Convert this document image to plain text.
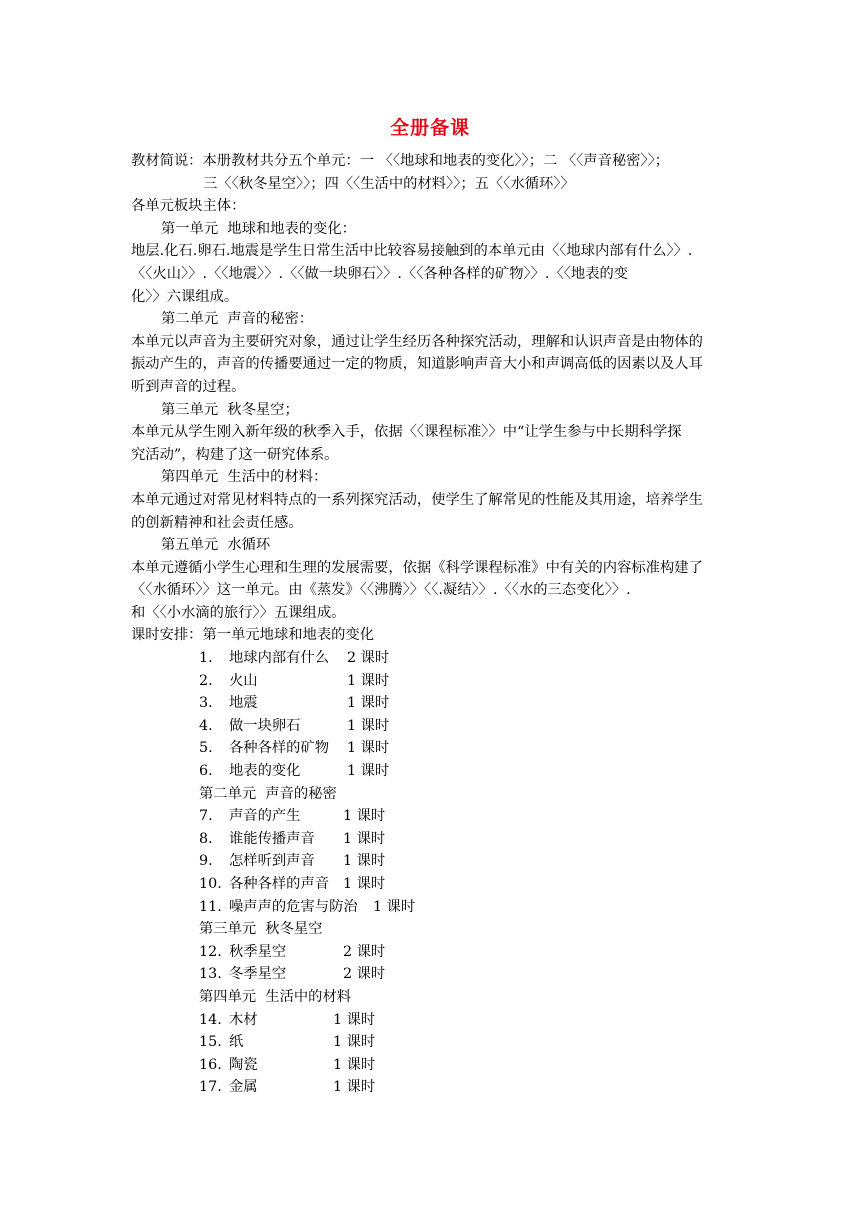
全册备课
教材简说：本册教材共分五个单元：一 〈〈地球和地表的变化〉〉；二 〈〈声音秘密〉〉；
三〈〈秋冬星空〉〉；四〈〈生活中的材料〉〉；五〈〈水循环〉〉
各单元板块主体：
第一单元  地球和地表的变化：
地层.化石.卵石.地震是学生日常生活中比较容易接触到的本单元由〈〈地球内部有什么〉〉.
〈〈火山〉〉.〈〈地震〉〉.〈〈做一块卵石〉〉.〈〈各种各样的矿物〉〉.〈〈地表的变
化〉〉六课组成。
第二单元  声音的秘密：
本单元以声音为主要研究对象，通过让学生经历各种探究活动，理解和认识声音是由物体的
振动产生的，声音的传播要通过一定的物质，知道影响声音大小和声调高低的因素以及人耳
听到声音的过程。
第三单元  秋冬星空；
本单元从学生刚入新年级的秋季入手，依据〈〈课程标准〉〉中“让学生参与中长期科学探
究活动”，构建了这一研究体系。
第四单元  生活中的材料：
本单元通过对常见材料特点的一系列探究活动，使学生了解常见的性能及其用途，培养学生
的创新精神和社会责任感。
第五单元  水循环
本单元遵循小学生心理和生理的发展需要，依据《科学课程标准》中有关的内容标准构建了
〈〈水循环〉〉这一单元。由《蒸发》〈〈沸腾〉〉〈〈.凝结〉〉.〈〈水的三态变化〉〉.
和〈〈小水滴的旅行〉〉五课组成。
课时安排：第一单元地球和地表的变化
1.	地球内部有什么	2 课时
2.	火山	1 课时
3.	地震	1 课时
4.	做一块卵石	1 课时
5.	各种各样的矿物	1 课时
6.	地表的变化	1 课时
第二单元  声音的秘密
7.	声音的产生	1 课时
8.	谁能传播声音	1 课时
9.	怎样听到声音	1 课时
10. 各种各样的声音 1 课时
11. 噪声声的危害与防治	1 课时
第三单元  秋冬星空
12. 秋季星空	2 课时
13. 冬季星空	2 课时
第四单元  生活中的材料
14. 木材	1 课时
15. 纸	1 课时
16. 陶瓷	1 课时
17. 金属	1 课时
